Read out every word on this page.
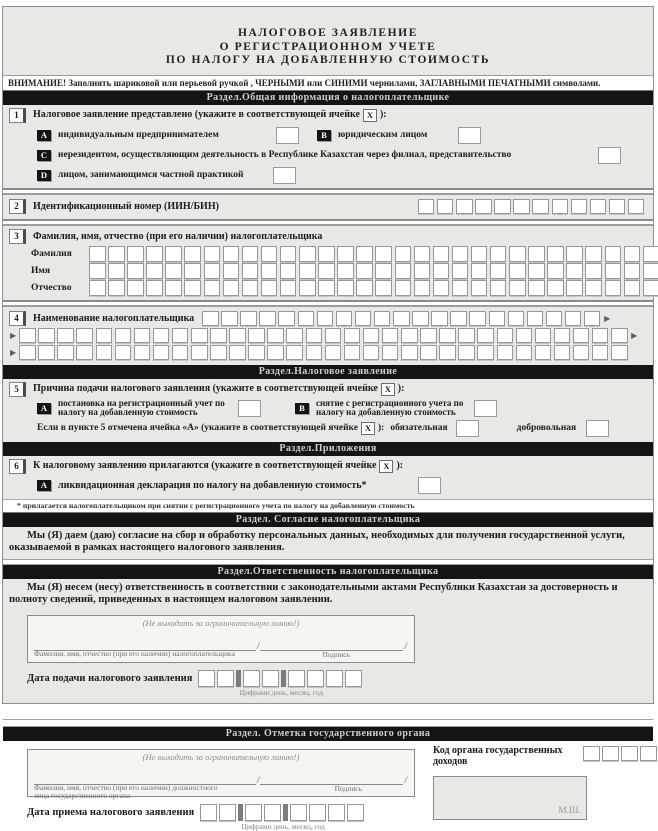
НАЛОГОВОЕ ЗАЯВЛЕНИЕ
О РЕГИСТРАЦИОННОМ УЧЕТЕ
ПО НАЛОГУ НА ДОБАВЛЕННУЮ СТОИМОСТЬ
ВНИМАНИЕ! Заполнять шариковой или перьевой ручкой , ЧЕРНЫМИ или СИНИМИ чернилами, ЗАГЛАВНЫМИ ПЕЧАТНЫМИ символами.
Раздел.Общая информация о налогоплательщике
1	Налоговое заявление представлено (укажите в соответствующей ячейке X ):
A	индивидуальным предпринимателем	B	юридическим лицом
C	нерезидентом, осуществляющим деятельность в Республике Казахстан через филиал, представительство
D	лицом, занимающимся частной практикой
2	Идентификационный номер (ИИН/БИН)
3	Фамилия, имя, отчество (при его наличии) налогоплательщика
Фамилия
Имя
Отчество
4	Наименование налогоплательщика	▶
▶	▶
▶
Раздел.Налоговое заявление
5	Причина подачи налогового заявления (укажите в соответствующей ячейке X ):
A	постановка на регистрационный учет по налогу на добавленную стоимость	B	снятие с регистрационного учета по налогу на добавленную стоимость
Если в пункте 5 отмечена ячейка «А» (укажите в соответствующей ячейке X ): обязательная	добровольная
Раздел.Приложения
6	К налоговому заявлению прилагаются (укажите в соответствующей ячейке X ):
A	ликвидационная декларация по налогу на добавленную стоимость*
* прилагается налогоплательщиком при снятии с регистрационного учета по налогу на добавленную стоимость
Раздел. Согласие налогоплательщика
Мы (Я) даем (даю) согласие на сбор и обработку персональных данных, необходимых для получения государственной услуги, оказываемой в рамках настоящего налогового заявления.
Раздел.Ответственность налогоплательщика
Мы (Я) несем (несу) ответственность в соответствии с законодательными актами Республики Казахстан за достоверность и полноту сведений, приведенных в настоящем налоговом заявлении.
(Не выходить за ограничительную линию!)
/	/
Фамилия, имя, отчество (при его наличии) налогоплательщика	Подпись
Дата подачи налогового заявления
Цифрами день, месяц, год
Раздел. Отметка государственного органа
(Не выходить за ограничительную линию!)
/	/
Фамилия, имя, отчество (при его наличии) должностного лица государственного органа
Подпись
Дата приема налогового заявления
Цифрами день, месяц, год
Код органа государственных доходов
М.Ш.
